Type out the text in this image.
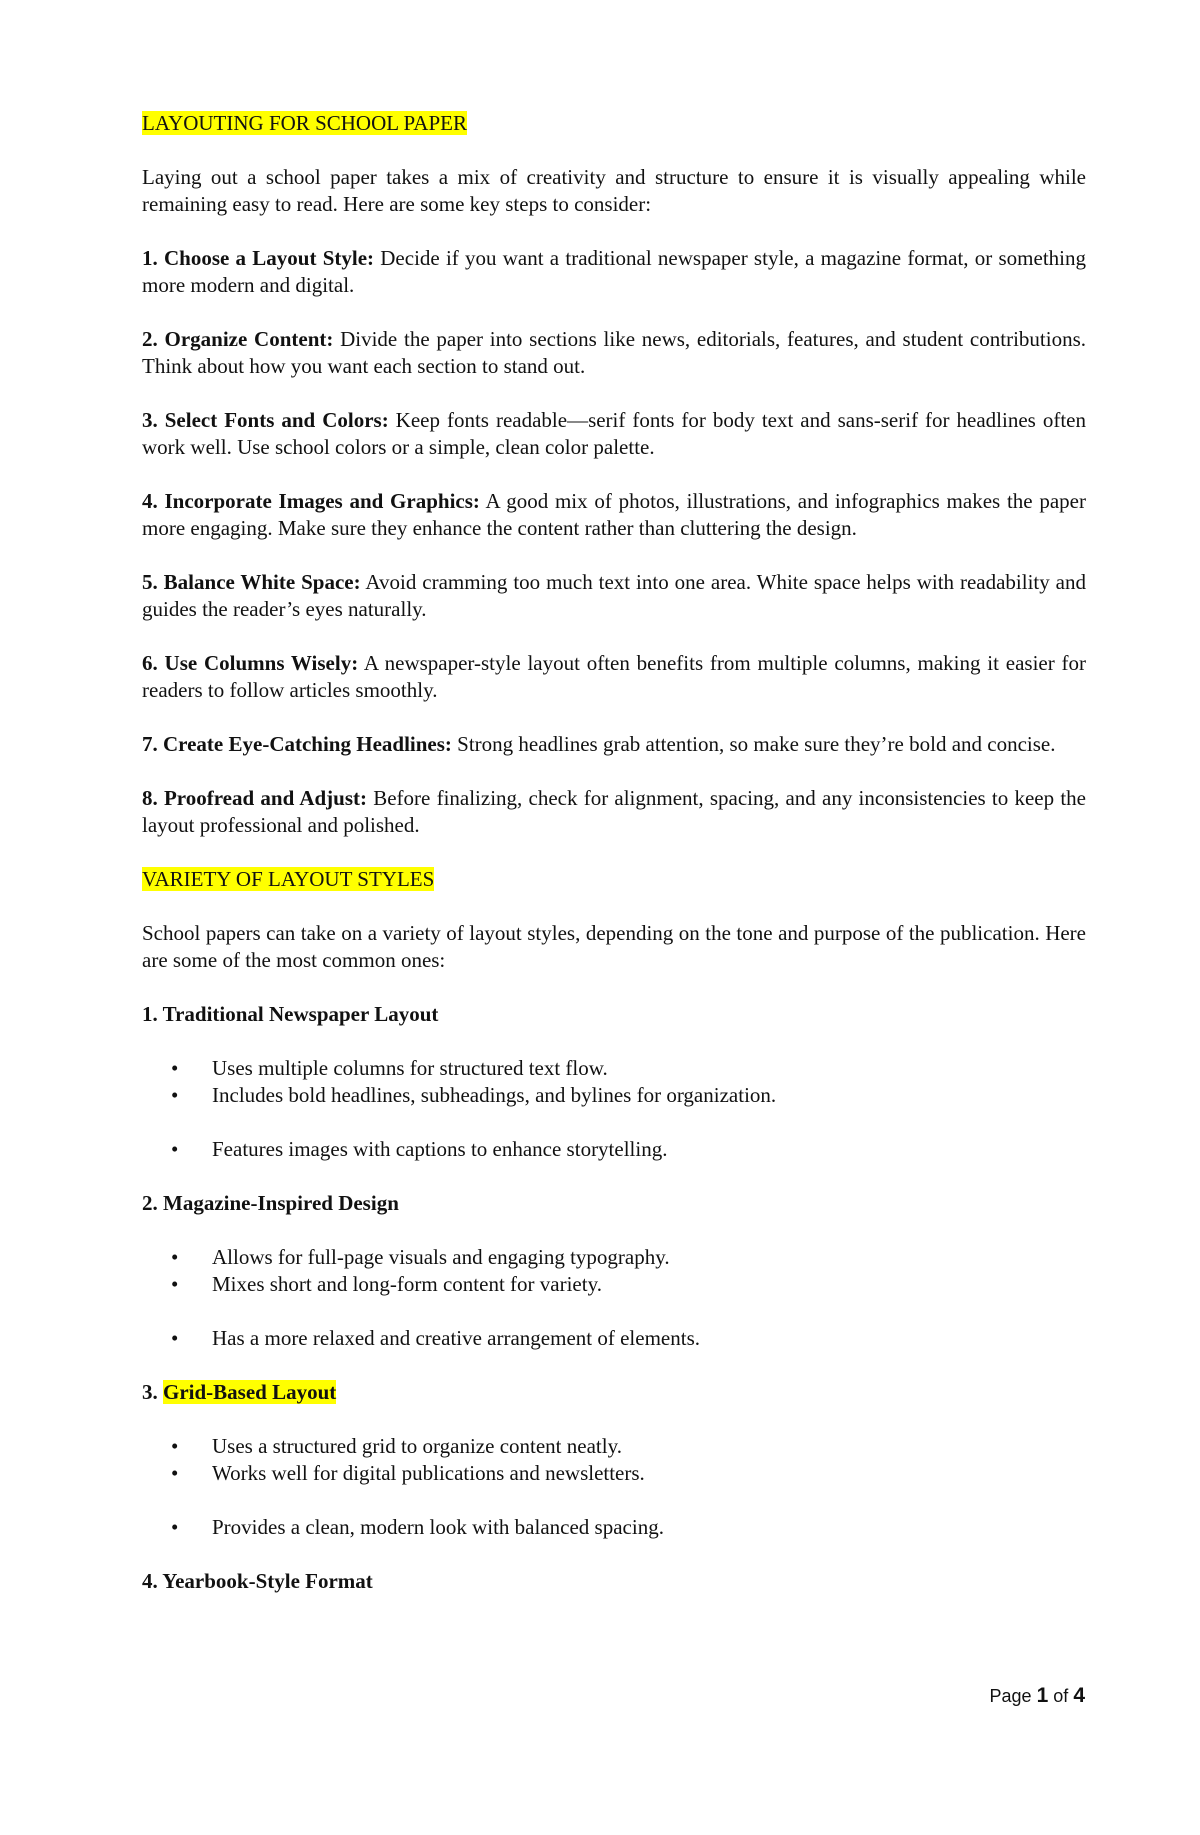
LAYOUTING FOR SCHOOL PAPER

Laying out a school paper takes a mix of creativity and structure to ensure it is visually appealing while remaining easy to read. Here are some key steps to consider:

1. Choose a Layout Style: Decide if you want a traditional newspaper style, a magazine format, or something more modern and digital.

2. Organize Content: Divide the paper into sections like news, editorials, features, and student contributions. Think about how you want each section to stand out.

3. Select Fonts and Colors: Keep fonts readable—serif fonts for body text and sans-serif for headlines often work well. Use school colors or a simple, clean color palette.

4. Incorporate Images and Graphics: A good mix of photos, illustrations, and infographics makes the paper more engaging. Make sure they enhance the content rather than cluttering the design.

5. Balance White Space: Avoid cramming too much text into one area. White space helps with readability and guides the reader’s eyes naturally.

6. Use Columns Wisely: A newspaper-style layout often benefits from multiple columns, making it easier for readers to follow articles smoothly.

7. Create Eye-Catching Headlines: Strong headlines grab attention, so make sure they’re bold and concise.

8. Proofread and Adjust: Before finalizing, check for alignment, spacing, and any inconsistencies to keep the layout professional and polished.

VARIETY OF LAYOUT STYLES

School papers can take on a variety of layout styles, depending on the tone and purpose of the publication. Here are some of the most common ones:

1. Traditional Newspaper Layout
• Uses multiple columns for structured text flow.
• Includes bold headlines, subheadings, and bylines for organization.
• Features images with captions to enhance storytelling.
2. Magazine-Inspired Design
• Allows for full-page visuals and engaging typography.
• Mixes short and long-form content for variety.
• Has a more relaxed and creative arrangement of elements.
3. Grid-Based Layout
• Uses a structured grid to organize content neatly.
• Works well for digital publications and newsletters.
• Provides a clean, modern look with balanced spacing.
4. Yearbook-Style Format
Page 1 of 4
